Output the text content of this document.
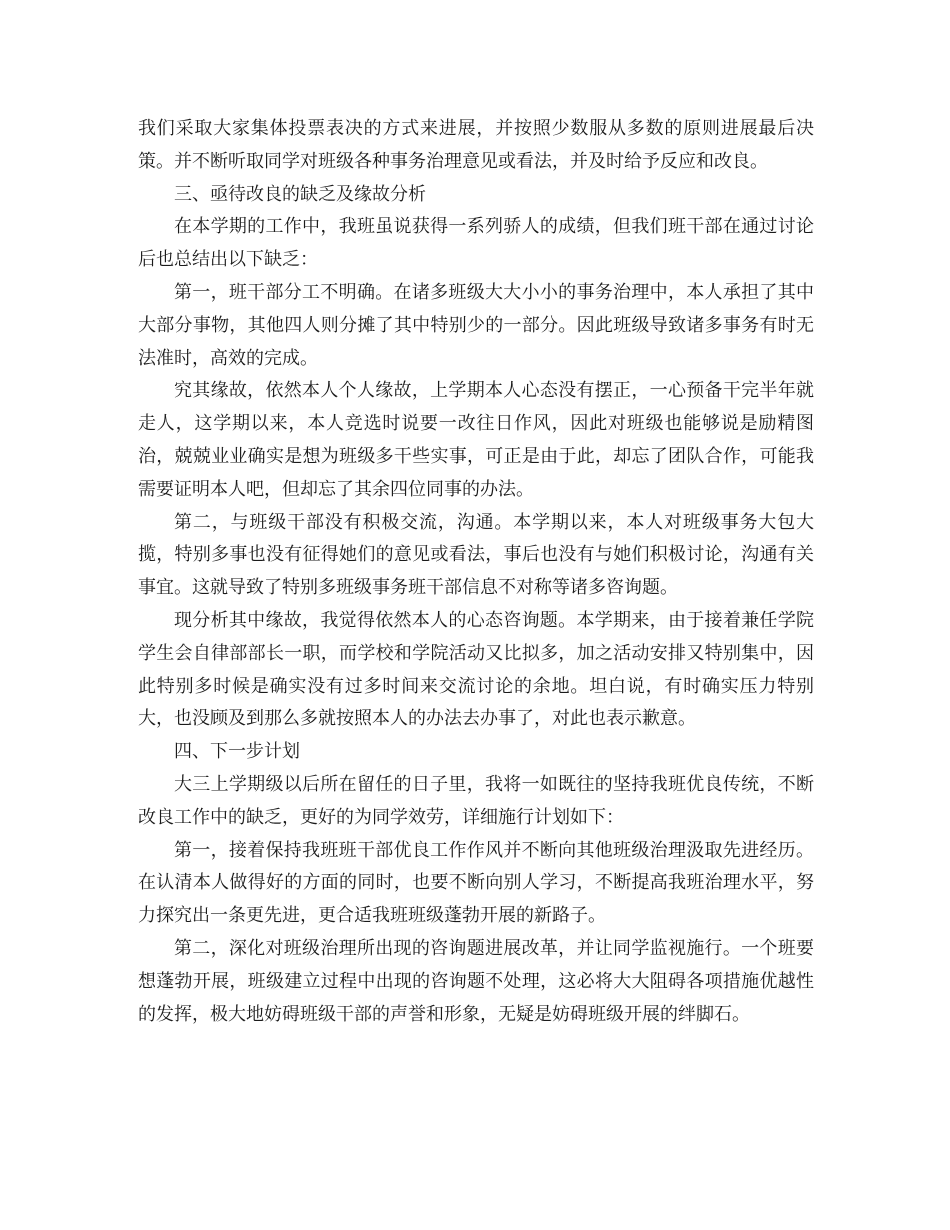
我们采取大家集体投票表决的方式来进展，并按照少数服从多数的原则进展最后决策。并不断听取同学对班级各种事务治理意见或看法，并及时给予反应和改良。

三、亟待改良的缺乏及缘故分析

在本学期的工作中，我班虽说获得一系列骄人的成绩，但我们班干部在通过讨论后也总结出以下缺乏：

第一，班干部分工不明确。在诸多班级大大小小的事务治理中，本人承担了其中大部分事物，其他四人则分摊了其中特别少的一部分。因此班级导致诸多事务有时无法准时，高效的完成。

究其缘故，依然本人个人缘故，上学期本人心态没有摆正，一心预备干完半年就走人，这学期以来，本人竞选时说要一改往日作风，因此对班级也能够说是励精图治，兢兢业业确实是想为班级多干些实事，可正是由于此，却忘了团队合作，可能我需要证明本人吧，但却忘了其余四位同事的办法。

第二，与班级干部没有积极交流，沟通。本学期以来，本人对班级事务大包大揽，特别多事也没有征得她们的意见或看法，事后也没有与她们积极讨论，沟通有关事宜。这就导致了特别多班级事务班干部信息不对称等诸多咨询题。

现分析其中缘故，我觉得依然本人的心态咨询题。本学期来，由于接着兼任学院学生会自律部部长一职，而学校和学院活动又比拟多，加之活动安排又特别集中，因此特别多时候是确实没有过多时间来交流讨论的余地。坦白说，有时确实压力特别大，也没顾及到那么多就按照本人的办法去办事了，对此也表示歉意。

四、下一步计划

大三上学期级以后所在留任的日子里，我将一如既往的坚持我班优良传统，不断改良工作中的缺乏，更好的为同学效劳，详细施行计划如下：

第一，接着保持我班班干部优良工作作风并不断向其他班级治理汲取先进经历。在认清本人做得好的方面的同时，也要不断向别人学习，不断提高我班治理水平，努力探究出一条更先进，更合适我班班级蓬勃开展的新路子。

第二，深化对班级治理所出现的咨询题进展改革，并让同学监视施行。一个班要想蓬勃开展，班级建立过程中出现的咨询题不处理，这必将大大阻碍各项措施优越性的发挥，极大地妨碍班级干部的声誉和形象，无疑是妨碍班级开展的绊脚石。
